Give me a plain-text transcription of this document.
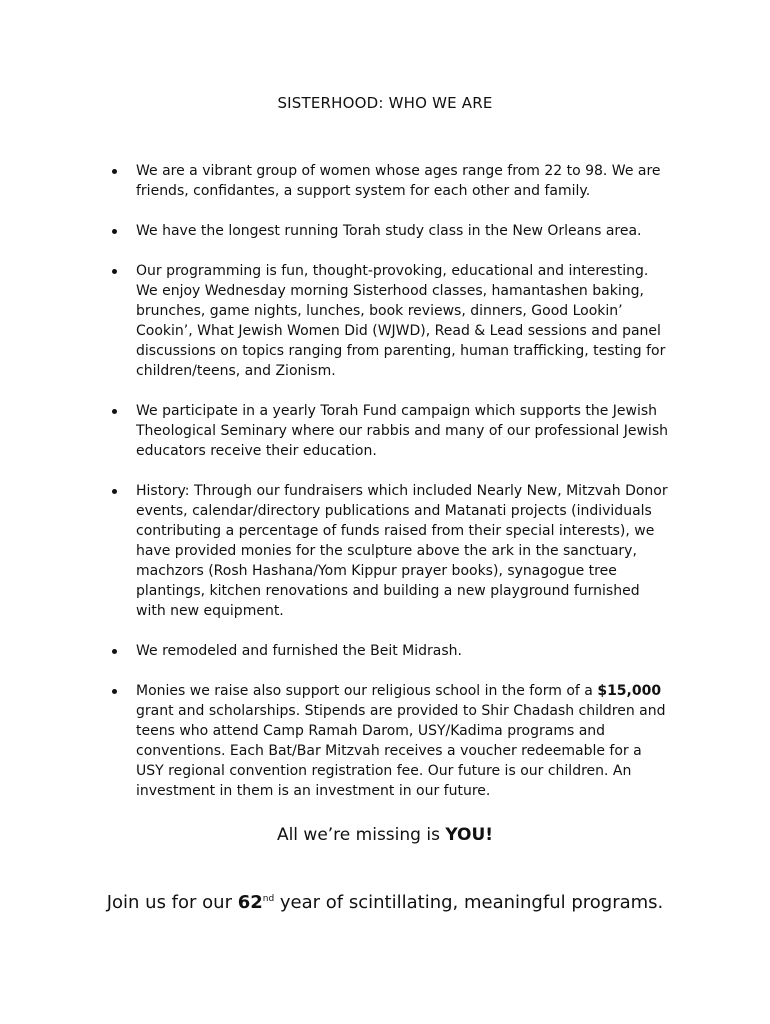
SISTERHOOD: WHO WE ARE
We are a vibrant group of women whose ages range from 22 to 98. We are friends, confidantes, a support system for each other and family.
We have the longest running Torah study class in the New Orleans area.
Our programming is fun, thought-provoking, educational and interesting. We enjoy Wednesday morning Sisterhood classes, hamantashen baking, brunches, game nights, lunches, book reviews, dinners, Good Lookin’ Cookin’, What Jewish Women Did (WJWD), Read & Lead sessions and panel discussions on topics ranging from parenting, human trafficking, testing for children/teens, and Zionism.
We participate in a yearly Torah Fund campaign which supports the Jewish Theological Seminary where our rabbis and many of our professional Jewish educators receive their education.
History: Through our fundraisers which included Nearly New, Mitzvah Donor events, calendar/directory publications and Matanati projects (individuals contributing a percentage of funds raised from their special interests), we have provided monies for the sculpture above the ark in the sanctuary, machzors (Rosh Hashana/Yom Kippur prayer books), synagogue tree plantings, kitchen renovations and building a new playground furnished with new equipment.
We remodeled and furnished the Beit Midrash.
Monies we raise also support our religious school in the form of a $15,000 grant and scholarships. Stipends are provided to Shir Chadash children and teens who attend Camp Ramah Darom, USY/Kadima programs and conventions. Each Bat/Bar Mitzvah receives a voucher redeemable for a USY regional convention registration fee. Our future is our children. An investment in them is an investment in our future.
All we’re missing is YOU!
Join us for our 62nd year of scintillating, meaningful programs.
